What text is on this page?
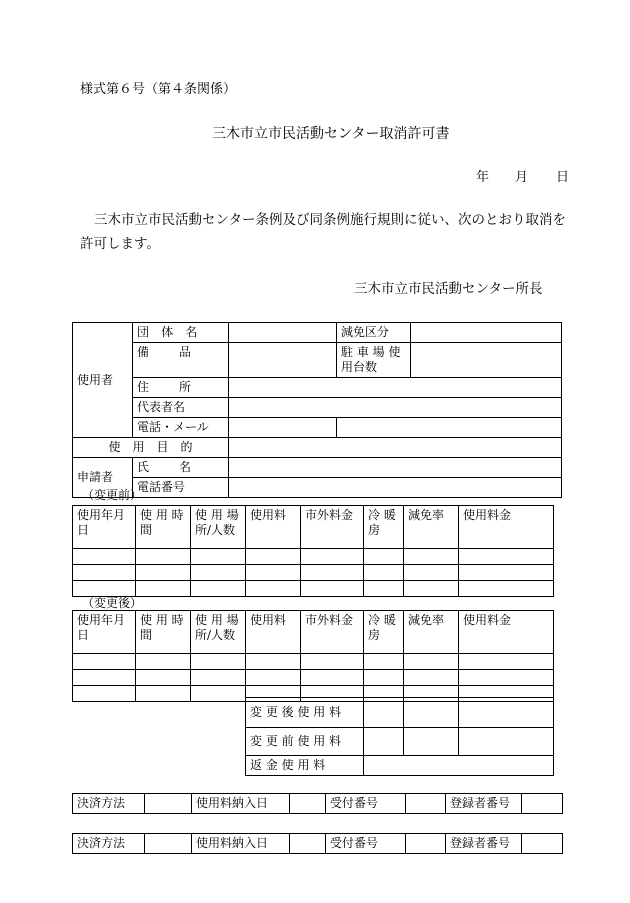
様式第６号（第４条関係）
三木市立市民活動センター取消許可書
年 月 日
三木市立市民活動センター条例及び同条例施行規則に従い、次のとおり取消を
許可します。
三木市立市民活動センター所長
使用者	団 体 名		減免区分	
	備 品		駐 車 場 使
用台数	
	住 所			
	代表者名			
	電話・メール			
使　用　目　的				
申請者	氏 名			
	電話番号			
（変更前）
使用年月日	使 用 時 間	使 用 場 所/人数	使用料	市外料金	冷 暖 房	減免率	使用料金

（変更後）
使用年月日	使 用 時 間	使 用 場 所/人数	使用料	市外料金	冷 暖 房	減免率	使用料金

変 更 後 使 用 料			
変 更 前 使 用 料			
返 金 使 用 料			
決済方法		使用料納入日		受付番号		登録者番号	
決済方法		使用料納入日		受付番号		登録者番号	
